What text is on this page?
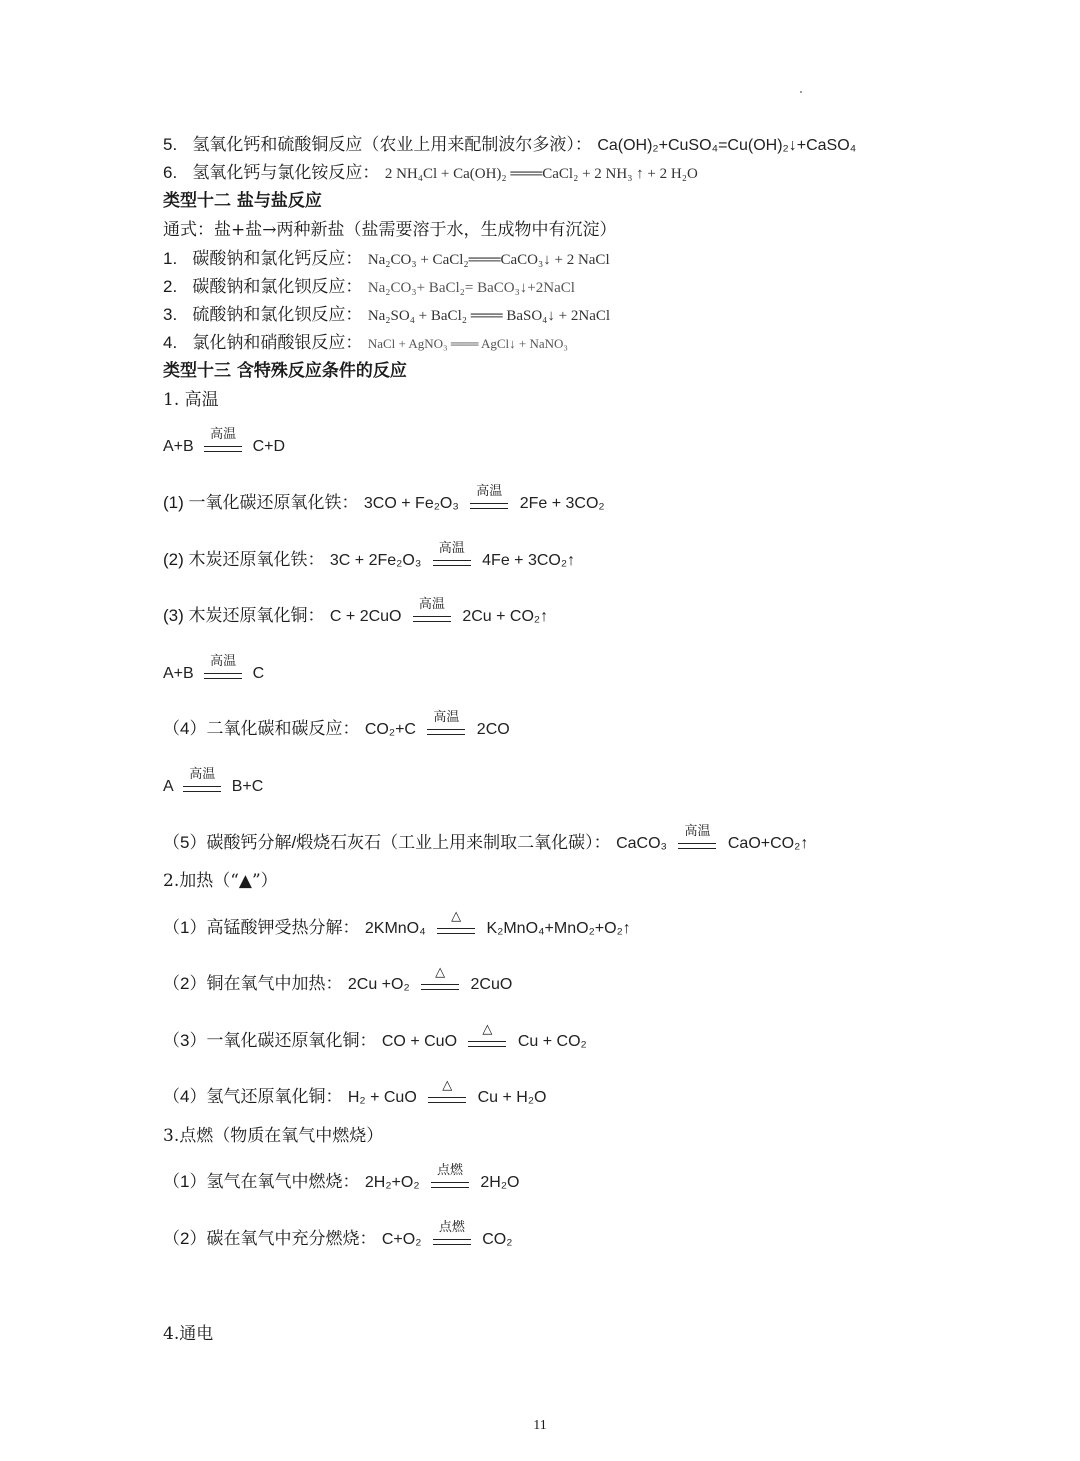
5. 氢氧化钙和硫酸铜反应（农业上用来配制波尔多液）： Ca(OH)₂+CuSO₄=Cu(OH)₂↓+CaSO₄
6. 氢氧化钙与氯化铵反应： 2 NH₄Cl + Ca(OH)₂ ═══CaCl₂ + 2 NH₃ ↑ + 2 H₂O
类型十二 盐与盐反应
通式：盐+盐→两种新盐（盐需要溶于水，生成物中有沉淀）
1. 碳酸钠和氯化钙反应： Na₂CO₃ + CaCl₂═══CaCO₃↓ + 2 NaCl
2. 碳酸钠和氯化钡反应： Na₂CO₃+ BaCl₂= BaCO₃↓+2NaCl
3. 硫酸钠和氯化钡反应： Na₂SO₄ + BaCl₂ ═══ BaSO₄↓ + 2NaCl
4. 氯化钠和硝酸银反应： NaCl + AgNO₃ ═══ AgCl↓ + NaNO₃
类型十三 含特殊反应条件的反应
1. 高温
A+B
高温
C+D
(1) 一氧化碳还原氧化铁： 3CO + Fe₂O₃
高温
2Fe + 3CO₂
(2) 木炭还原氧化铁： 3C + 2Fe₂O₃
高温
4Fe + 3CO₂↑
(3) 木炭还原氧化铜： C + 2CuO
高温
2Cu + CO₂↑
A+B
高温
C
（4）二氧化碳和碳反应： CO₂+C
高温
2CO
A
高温
B+C
（5）碳酸钙分解/煅烧石灰石（工业上用来制取二氧化碳）： CaCO₃
高温
CaO+CO₂↑
2.加热（“▲”）
（1）高锰酸钾受热分解： 2KMnO₄
△
K₂MnO₄+MnO₂+O₂↑
（2）铜在氧气中加热： 2Cu +O₂
△
2CuO
（3）一氧化碳还原氧化铜： CO + CuO
△
Cu + CO₂
（4）氢气还原氧化铜： H₂ + CuO
△
Cu + H₂O
3.点燃（物质在氧气中燃烧）
（1）氢气在氧气中燃烧： 2H₂+O₂
点燃
2H₂O
（2）碳在氧气中充分燃烧： C+O₂
点燃
CO₂
4.通电
11
